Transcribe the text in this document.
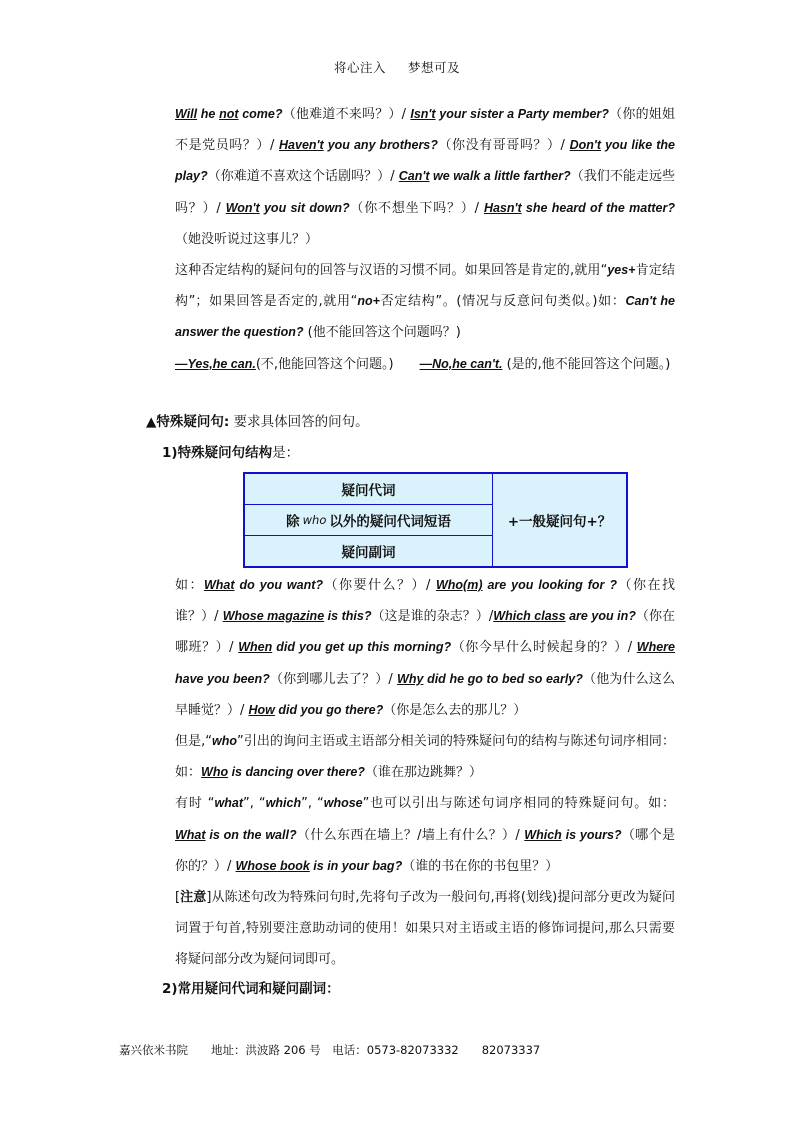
将心注入 梦想可及

Will he not come?（他难道不来吗？）/ Isn't your sister a Party member?（你的姐姐不是党员吗？）/ Haven't you any brothers?（你没有哥哥吗？）/ Don't you like the play?（你难道不喜欢这个话剧吗？）/ Can't we walk a little farther?（我们不能走远些吗？）/ Won't you sit down?（你不想坐下吗？）/ Hasn't she heard of the matter?（她没听说过这事儿？）

这种否定结构的疑问句的回答与汉语的习惯不同。如果回答是肯定的,就用“yes+肯定结构”；如果回答是否定的,就用“no+否定结构”。(情况与反意问句类似。)如：Can't he answer the question? (他不能回答这个问题吗？)

—Yes,he can.(不,他能回答这个问题。)　　—No,he can't. (是的,他不能回答这个问题。)

▲特殊疑问句: 要求具体回答的问句。
1)特殊疑问句结构是：
疑问代词
除 who 以外的疑问代词短语
疑问副词
+一般疑问句+？

如：What do you want?（你要什么？）/ Who(m) are you looking for ?（你在找谁？）/ Whose magazine is this?（这是谁的杂志？）/Which class are you in?（你在哪班？）/ When did you get up this morning?（你今早什么时候起身的？）/ Where have you been?（你到哪儿去了？）/ Why did he go to bed so early?（他为什么这么早睡觉？）/ How did you go there?（你是怎么去的那儿？）

但是,“who”引出的询问主语或主语部分相关词的特殊疑问句的结构与陈述句词序相同：如：Who is dancing over there?（谁在那边跳舞？）

有时 “what”, “which”, “whose”也可以引出与陈述句词序相同的特殊疑问句。如：What is on the wall?（什么东西在墙上？/墙上有什么？）/ Which is yours?（哪个是你的？）/ Whose book is in your bag?（谁的书在你的书包里？）

[注意]从陈述句改为特殊问句时,先将句子改为一般问句,再将(划线)提问部分更改为疑问词置于句首,特别要注意助动词的使用！如果只对主语或主语的修饰词提问,那么只需要将疑问部分改为疑问词即可。

2)常用疑问代词和疑问副词：
嘉兴依米书院　　地址：洪波路 206 号　电话：0573-82073332　　82073337
